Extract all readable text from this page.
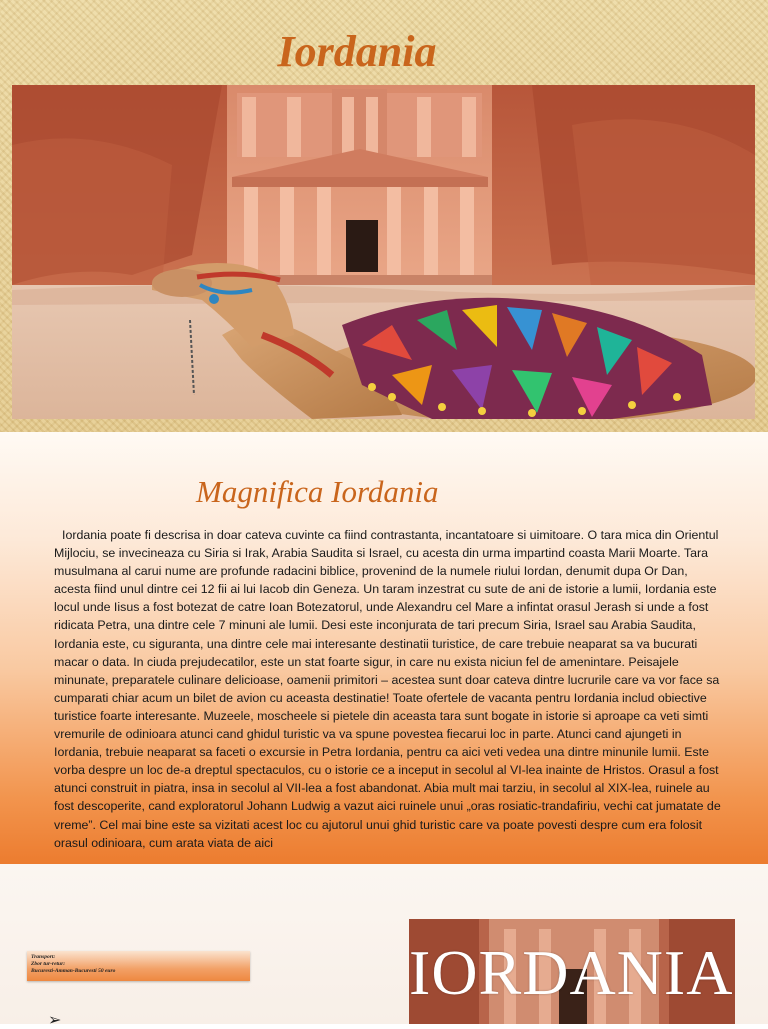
Iordania
Magnifica Iordania

Iordania poate fi descrisa in doar cateva cuvinte ca fiind contrastanta, incantatoare si uimitoare. O tara mica din Orientul Mijlociu, se invecineaza cu Siria si Irak, Arabia Saudita si Israel, cu acesta din urma impartind coasta Marii Moarte. Tara musulmana al carui nume are profunde radacini biblice, provenind de la numele riului Iordan, denumit dupa Or Dan, acesta fiind unul dintre cei 12 fii ai lui Iacob din Geneza. Un taram inzestrat cu sute de ani de istorie a lumii, Iordania este locul unde Iisus a fost botezat de catre Ioan Botezatorul, unde Alexandru cel Mare a infintat orasul Jerash si unde a fost ridicata Petra, una dintre cele 7 minuni ale lumii. Desi este inconjurata de tari precum Siria, Israel sau Arabia Saudita, Iordania este, cu siguranta, una dintre cele mai interesante destinatii turistice, de care trebuie neaparat sa va bucurati macar o data. In ciuda prejudecatilor, este un stat foarte sigur, in care nu exista niciun fel de amenintare. Peisajele minunate, preparatele culinare delicioase, oamenii primitori – acestea sunt doar cateva dintre lucrurile care va vor face sa cumparati chiar acum un bilet de avion cu aceasta destinatie! Toate ofertele de vacanta pentru Iordania includ obiective turistice foarte interesante. Muzeele, moscheele si pietele din aceasta tara sunt bogate in istorie si aproape ca veti simti vremurile de odinioara atunci cand ghidul turistic va va spune povestea fiecarui loc in parte. Atunci cand ajungeti in Iordania, trebuie neaparat sa faceti o excursie in Petra Iordania, pentru ca aici veti vedea una dintre minunile lumii. Este vorba despre un loc de-a dreptul spectaculos, cu o istorie ce a inceput in secolul al VI-lea inainte de Hristos. Orasul a fost atunci construit in piatra, insa in secolul al VII-lea a fost abandonat. Abia mult mai tarziu, in secolul al XIX-lea, ruinele au fost descoperite, cand exploratorul Johann Ludwig a vazut aici ruinele unui „oras rosiatic-trandafiriu, vechi cat jumatate de vreme”. Cel mai bine este sa vizitati acest loc cu ajutorul unui ghid turistic care va poate povesti despre cum era folosit orasul odinioara, cum arata viata de aici

Transport:
Zbor tur-retur:
Bucuresti-Amman-Bucuresti 50 euro
➢
IORDANIA
